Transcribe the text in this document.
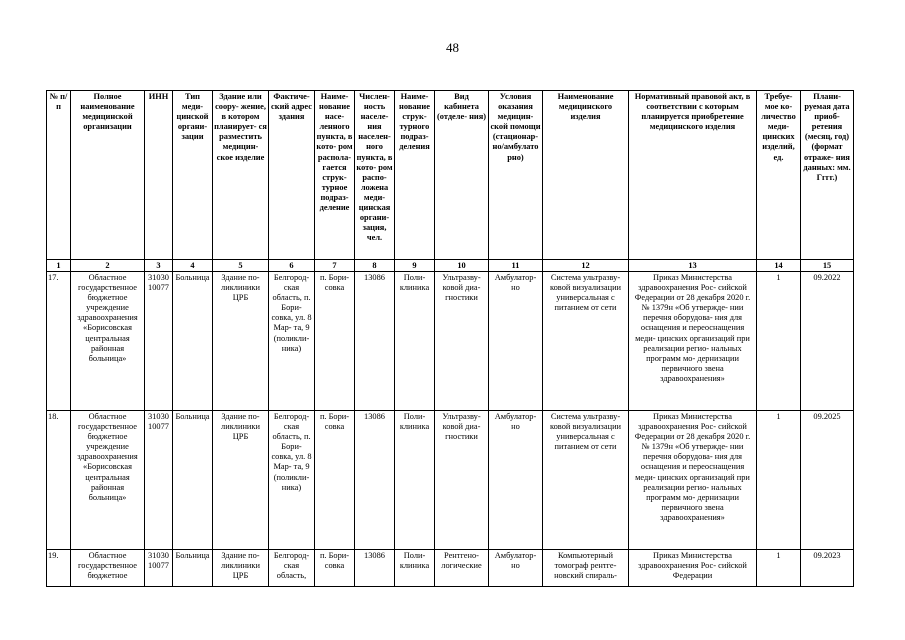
48
№ п/п	Полное наименование медицинской организации	ИНН	Тип меди- цинской органи- зации	Здание или соору- жение, в котором планирует- ся разместить медицин- ское изделие	Фактиче- ский адрес здания	Наиме- нование насе- ленного пункта, в кото- ром располa- гается струк- турное подраз- деление	Числен- ность населе- ния населен- ного пункта, в кото- ром распо- ложена меди- цинская органи- зация, чел.	Наиме- нование струк- турного подраз- деления	Вид кабинета (отделе- ния)	Условия оказания медицин- ской помощи (стационар- но/амбулато рно)	Наименование медицинского изделия	Нормативный правовой акт, в соответствии с которым планируется приобретение медицинского изделия	Требуе- мое ко- личество меди- цинских изделий, ед.	Плани- руемая дата приоб- ретения (месяц, год) (формат отраже- ния данных: мм. Гггг.)
1	2	3	4	5	6	7	8	9	10	11	12	13	14	15
17.	Областное государственное бюджетное учреждение здравоохранения «Борисовская центральная районная больница»	31030 10077	Больница	Здание по- ликлиники ЦРБ	Белгород- ская область, п. Бори- совка, ул. 8 Мар- та, 9 (поликли- ника)	п. Бори- совка	13086	Поли- клиника	Ультразву- ковой диа- гностики	Амбулатор- но	Система ультразву- ковой визуализации универсальная с питанием от сети	Приказ Министерства здравоохранения Рос- сийской Федерации от 28 декабря 2020 г. № 1379н «Об утвержде- нии перечня оборудова- ния для оснащения и переоснащения меди- цинских организаций при реализации регио- нальных программ мо- дернизации первичного звена здравоохранения»	1	09.2022
18.	Областное государственное бюджетное учреждение здравоохранения «Борисовская центральная районная больница»	31030 10077	Больница	Здание по- ликлиники ЦРБ	Белгород- ская область, п. Бори- совка, ул. 8 Мар- та, 9 (поликли- ника)	п. Бори- совка	13086	Поли- клиника	Ультразву- ковой диа- гностики	Амбулатор- но	Система ультразву- ковой визуализации универсальная с питанием от сети	Приказ Министерства здравоохранения Рос- сийской Федерации от 28 декабря 2020 г. № 1379н «Об утвержде- нии перечня оборудова- ния для оснащения и переоснащения меди- цинских организаций при реализации регио- нальных программ мо- дернизации первичного звена здравоохранения»	1	09.2025
19.	Областное государственное бюджетное	31030 10077	Больница	Здание по- ликлиники ЦРБ	Белгород- ская область,	п. Бори- совка	13086	Поли- клиника	Рентгено- логические	Амбулатор- но	Компьютерный томограф рентге- новский спираль-	Приказ Министерства здравоохранения Рос- сийской Федерации	1	09.2023
